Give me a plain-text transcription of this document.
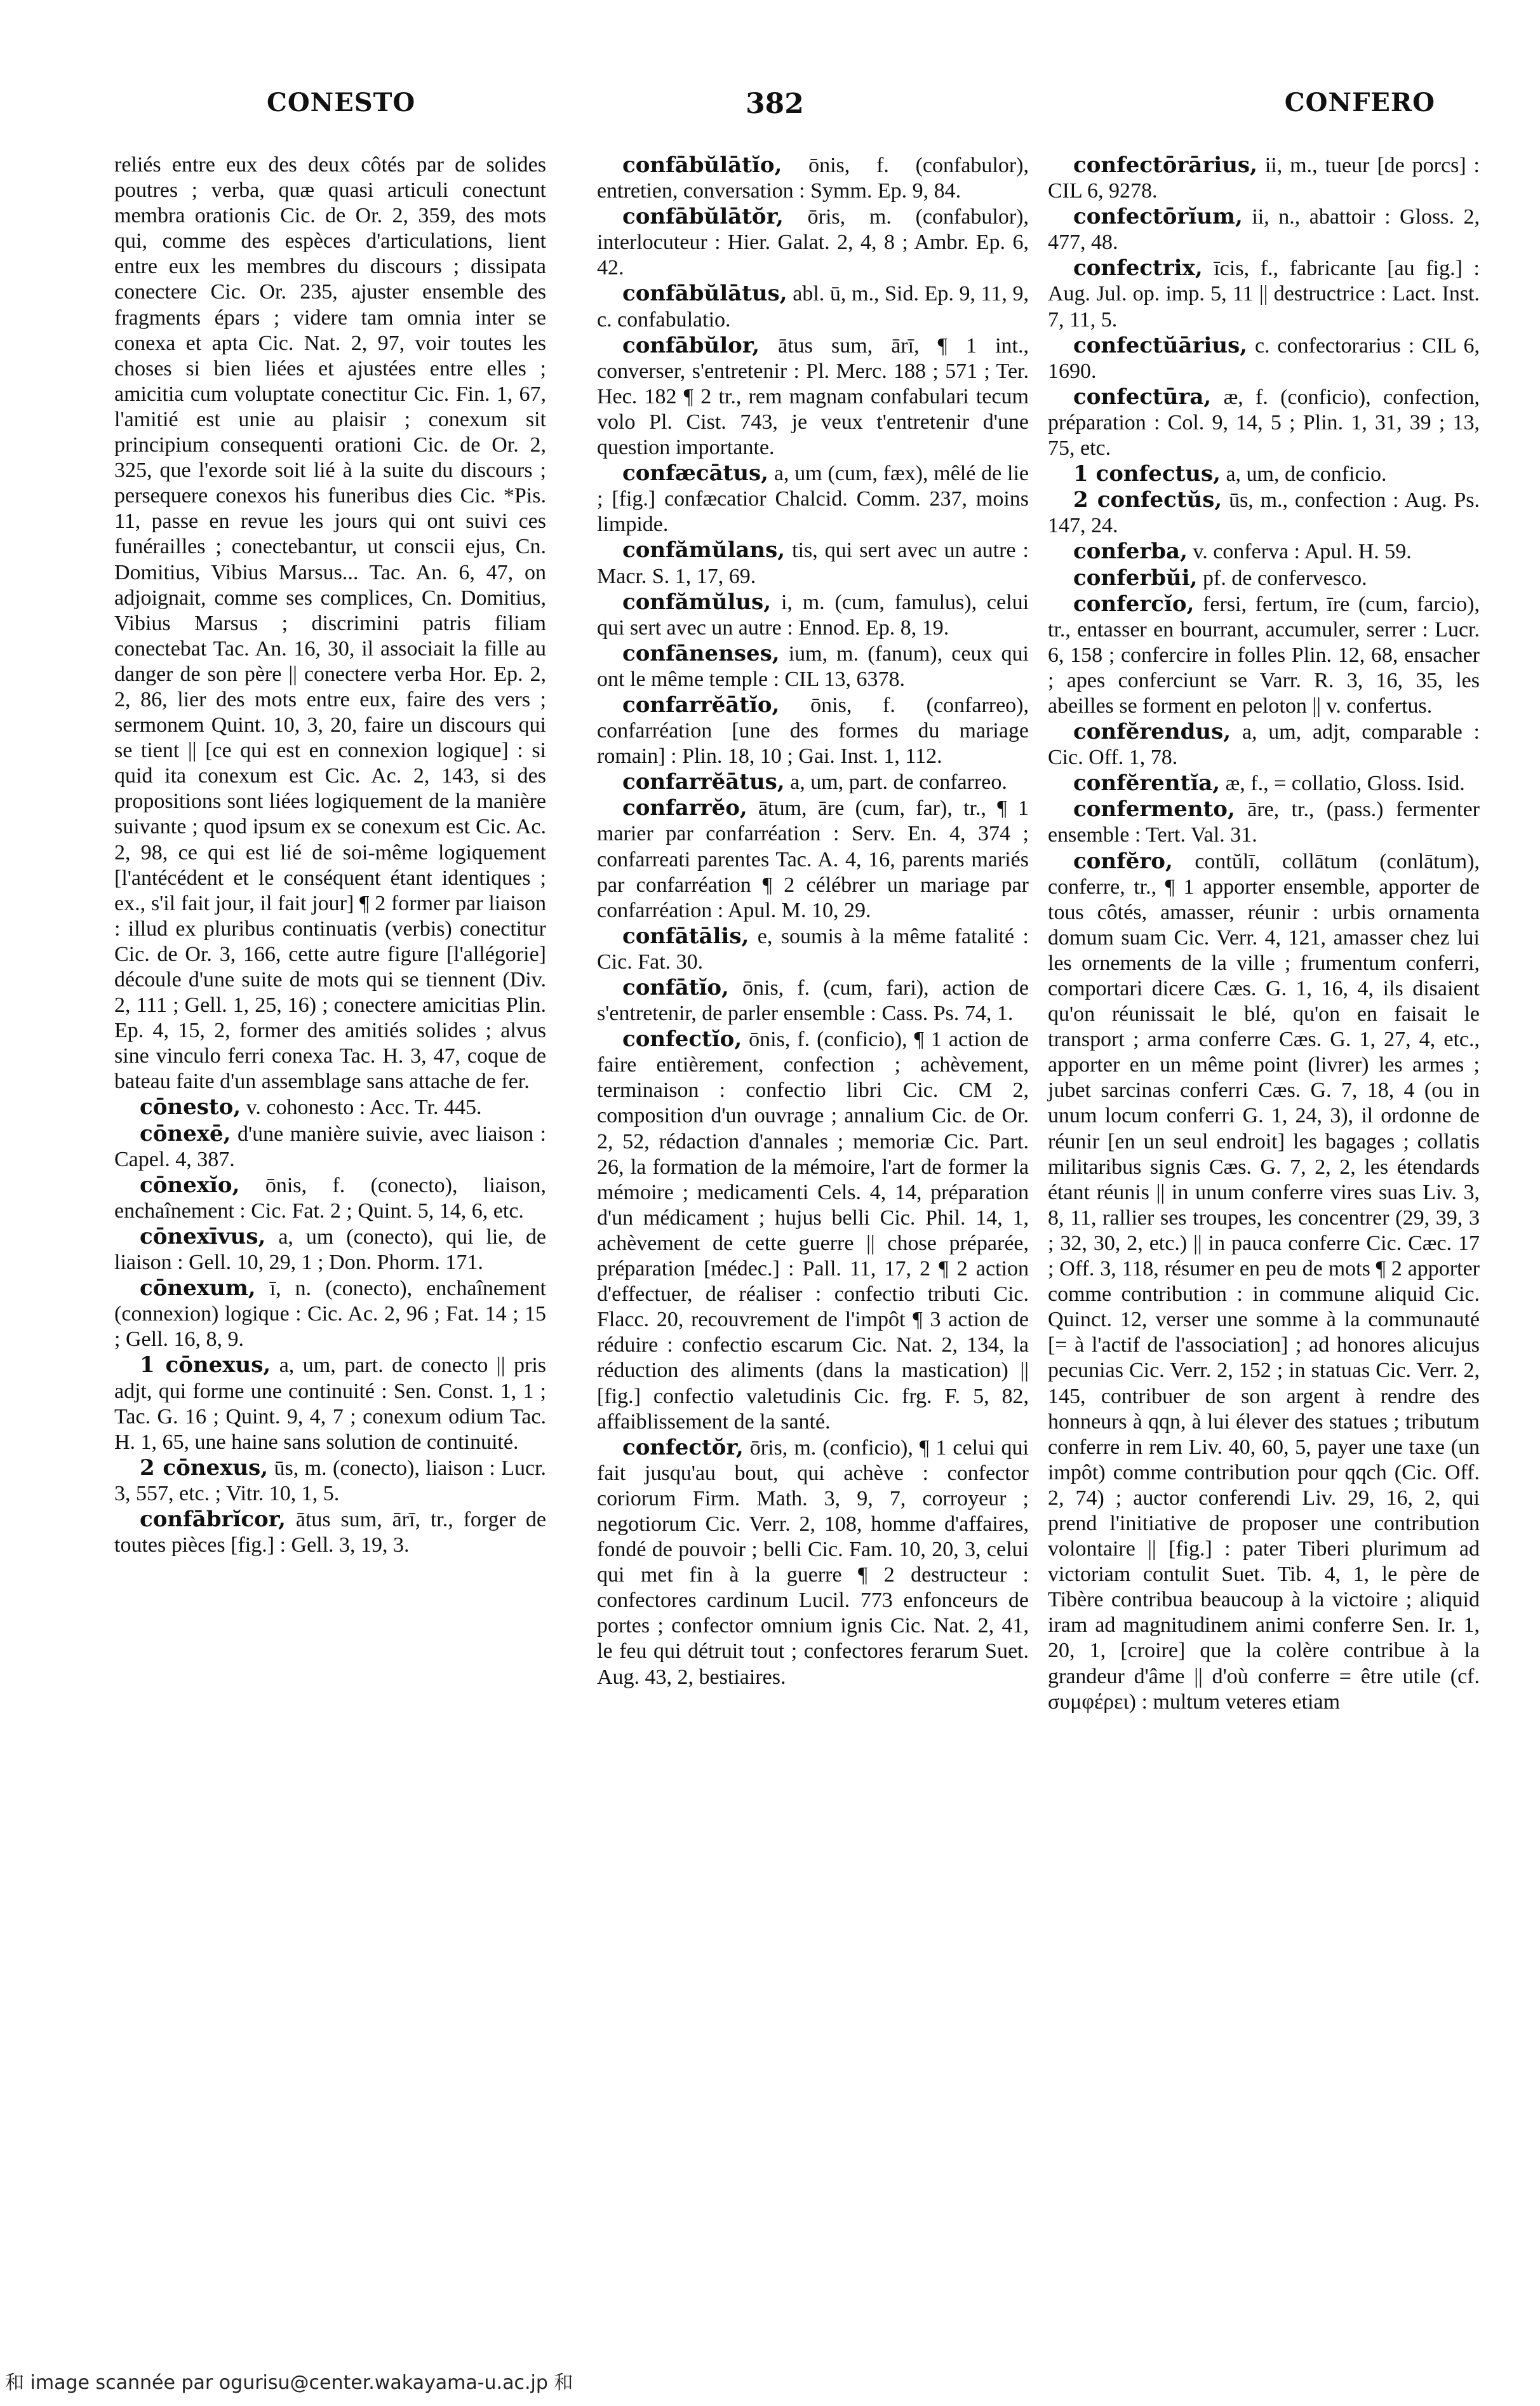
CONESTO	382	CONFERO

reliés entre eux des deux côtés par de solides poutres ; verba, quæ quasi articuli conectunt membra orationis Cic. de Or. 2, 359, des mots qui, comme des espèces d'articulations, lient entre eux les membres du discours ; dissipata conectere Cic. Or. 235, ajuster ensemble des fragments épars ; videre tam omnia inter se conexa et apta Cic. Nat. 2, 97, voir toutes les choses si bien liées et ajustées entre elles ; amicitia cum voluptate conectitur Cic. Fin. 1, 67, l'amitié est unie au plaisir ; conexum sit principium consequenti orationi Cic. de Or. 2, 325, que l'exorde soit lié à la suite du discours ; persequere conexos his funeribus dies Cic. *Pis. 11, passe en revue les jours qui ont suivi ces funérailles ; conectebantur, ut conscii ejus, Cn. Domitius, Vibius Marsus... Tac. An. 6, 47, on adjoignait, comme ses complices, Cn. Domitius, Vibius Marsus ; discrimini patris filiam conectebat Tac. An. 16, 30, il associait la fille au danger de son père || conectere verba Hor. Ep. 2, 2, 86, lier des mots entre eux, faire des vers ; sermonem Quint. 10, 3, 20, faire un discours qui se tient || [ce qui est en connexion logique] : si quid ita conexum est Cic. Ac. 2, 143, si des propositions sont liées logiquement de la manière suivante ; quod ipsum ex se conexum est Cic. Ac. 2, 98, ce qui est lié de soi-même logiquement [l'antécédent et le conséquent étant identiques ; ex., s'il fait jour, il fait jour] ¶ 2 former par liaison : illud ex pluribus continuatis (verbis) conectitur Cic. de Or. 3, 166, cette autre figure [l'allégorie] découle d'une suite de mots qui se tiennent (Div. 2, 111 ; Gell. 1, 25, 16) ; conectere amicitias Plin. Ep. 4, 15, 2, former des amitiés solides ; alvus sine vinculo ferri conexa Tac. H. 3, 47, coque de bateau faite d'un assemblage sans attache de fer.

cōnesto, v. cohonesto : Acc. Tr. 445.

cōnexē, d'une manière suivie, avec liaison : Capel. 4, 387.

cōnexĭo, ōnis, f. (conecto), liaison, enchaînement : Cic. Fat. 2 ; Quint. 5, 14, 6, etc.

cōnexīvus, a, um (conecto), qui lie, de liaison : Gell. 10, 29, 1 ; Don. Phorm. 171.

cōnexum, ī, n. (conecto), enchaînement (connexion) logique : Cic. Ac. 2, 96 ; Fat. 14 ; 15 ; Gell. 16, 8, 9.

1 cōnexus, a, um, part. de conecto || pris adjt, qui forme une continuité : Sen. Const. 1, 1 ; Tac. G. 16 ; Quint. 9, 4, 7 ; conexum odium Tac. H. 1, 65, une haine sans solution de continuité.

2 cōnexus, ūs, m. (conecto), liaison : Lucr. 3, 557, etc. ; Vitr. 10, 1, 5.

confābrĭcor, ātus sum, ārī, tr., forger de toutes pièces [fig.] : Gell. 3, 19, 3.

confābŭlātĭo, ōnis, f. (confabulor), entretien, conversation : Symm. Ep. 9, 84.

confābŭlātŏr, ōris, m. (confabulor), interlocuteur : Hier. Galat. 2, 4, 8 ; Ambr. Ep. 6, 42.

confābŭlātus, abl. ū, m., Sid. Ep. 9, 11, 9, c. confabulatio.

confābŭlor, ātus sum, ārī, ¶ 1 int., converser, s'entretenir : Pl. Merc. 188 ; 571 ; Ter. Hec. 182 ¶ 2 tr., rem magnam confabulari tecum volo Pl. Cist. 743, je veux t'entretenir d'une question importante.

confæcātus, a, um (cum, fæx), mêlé de lie ; [fig.] confæcatior Chalcid. Comm. 237, moins limpide.

confămŭlans, tis, qui sert avec un autre : Macr. S. 1, 17, 69.

confămŭlus, i, m. (cum, famulus), celui qui sert avec un autre : Ennod. Ep. 8, 19.

confānenses, ium, m. (fanum), ceux qui ont le même temple : CIL 13, 6378.

confarrĕātĭo, ōnis, f. (confarreo), confarréation [une des formes du mariage romain] : Plin. 18, 10 ; Gai. Inst. 1, 112.

confarrĕātus, a, um, part. de confarreo.

confarrĕo, ātum, āre (cum, far), tr., ¶ 1 marier par confarréation : Serv. En. 4, 374 ; confarreati parentes Tac. A. 4, 16, parents mariés par confarréation ¶ 2 célébrer un mariage par confarréation : Apul. M. 10, 29.

confātālis, e, soumis à la même fatalité : Cic. Fat. 30.

confātĭo, ōnis, f. (cum, fari), action de s'entretenir, de parler ensemble : Cass. Ps. 74, 1.

confectĭo, ōnis, f. (conficio), ¶ 1 action de faire entièrement, confection ; achèvement, terminaison : confectio libri Cic. CM 2, composition d'un ouvrage ; annalium Cic. de Or. 2, 52, rédaction d'annales ; memoriæ Cic. Part. 26, la formation de la mémoire, l'art de former la mémoire ; medicamenti Cels. 4, 14, préparation d'un médicament ; hujus belli Cic. Phil. 14, 1, achèvement de cette guerre || chose préparée, préparation [médec.] : Pall. 11, 17, 2 ¶ 2 action d'effectuer, de réaliser : confectio tributi Cic. Flacc. 20, recouvrement de l'impôt ¶ 3 action de réduire : confectio escarum Cic. Nat. 2, 134, la réduction des aliments (dans la mastication) || [fig.] confectio valetudinis Cic. frg. F. 5, 82, affaiblissement de la santé.

confectŏr, ōris, m. (conficio), ¶ 1 celui qui fait jusqu'au bout, qui achève : confector coriorum Firm. Math. 3, 9, 7, corroyeur ; negotiorum Cic. Verr. 2, 108, homme d'affaires, fondé de pouvoir ; belli Cic. Fam. 10, 20, 3, celui qui met fin à la guerre ¶ 2 destructeur : confectores cardinum Lucil. 773 enfonceurs de portes ; confector omnium ignis Cic. Nat. 2, 41, le feu qui détruit tout ; confectores ferarum Suet. Aug. 43, 2, bestiaires.

confectōrārius, ii, m., tueur [de porcs] : CIL 6, 9278.

confectōrĭum, ii, n., abattoir : Gloss. 2, 477, 48.

confectrix, īcis, f., fabricante [au fig.] : Aug. Jul. op. imp. 5, 11 || destructrice : Lact. Inst. 7, 11, 5.

confectŭārius, c. confectorarius : CIL 6, 1690.

confectūra, æ, f. (conficio), confection, préparation : Col. 9, 14, 5 ; Plin. 1, 31, 39 ; 13, 75, etc.

1 confectus, a, um, de conficio.

2 confectŭs, ūs, m., confection : Aug. Ps. 147, 24.

conferba, v. conferva : Apul. H. 59.

conferbŭi, pf. de confervesco.

confercĭo, fersi, fertum, īre (cum, farcio), tr., entasser en bourrant, accumuler, serrer : Lucr. 6, 158 ; confercire in folles Plin. 12, 68, ensacher ; apes conferciunt se Varr. R. 3, 16, 35, les abeilles se forment en peloton || v. confertus.

confĕrendus, a, um, adjt, comparable : Cic. Off. 1, 78.

confĕrentĭa, æ, f., = collatio, Gloss. Isid.

confermento, āre, tr., (pass.) fermenter ensemble : Tert. Val. 31.

confĕro, contŭlī, collātum (conlātum), conferre, tr., ¶ 1 apporter ensemble, apporter de tous côtés, amasser, réunir : urbis ornamenta domum suam Cic. Verr. 4, 121, amasser chez lui les ornements de la ville ; frumentum conferri, comportari dicere Cæs. G. 1, 16, 4, ils disaient qu'on réunissait le blé, qu'on en faisait le transport ; arma conferre Cæs. G. 1, 27, 4, etc., apporter en un même point (livrer) les armes ; jubet sarcinas conferri Cæs. G. 7, 18, 4 (ou in unum locum conferri G. 1, 24, 3), il ordonne de réunir [en un seul endroit] les bagages ; collatis militaribus signis Cæs. G. 7, 2, 2, les étendards étant réunis || in unum conferre vires suas Liv. 3, 8, 11, rallier ses troupes, les concentrer (29, 39, 3 ; 32, 30, 2, etc.) || in pauca conferre Cic. Cæc. 17 ; Off. 3, 118, résumer en peu de mots ¶ 2 apporter comme contribution : in commune aliquid Cic. Quinct. 12, verser une somme à la communauté [= à l'actif de l'association] ; ad honores alicujus pecunias Cic. Verr. 2, 152 ; in statuas Cic. Verr. 2, 145, contribuer de son argent à rendre des honneurs à qqn, à lui élever des statues ; tributum conferre in rem Liv. 40, 60, 5, payer une taxe (un impôt) comme contribution pour qqch (Cic. Off. 2, 74) ; auctor conferendi Liv. 29, 16, 2, qui prend l'initiative de proposer une contribution volontaire || [fig.] : pater Tiberi plurimum ad victoriam contulit Suet. Tib. 4, 1, le père de Tibère contribua beaucoup à la victoire ; aliquid iram ad magnitudinem animi conferre Sen. Ir. 1, 20, 1, [croire] que la colère contribue à la grandeur d'âme || d'où conferre = être utile (cf. συμφέρει) : multum veteres etiam

和 image scannée par ogurisu@center.wakayama-u.ac.jp 和
